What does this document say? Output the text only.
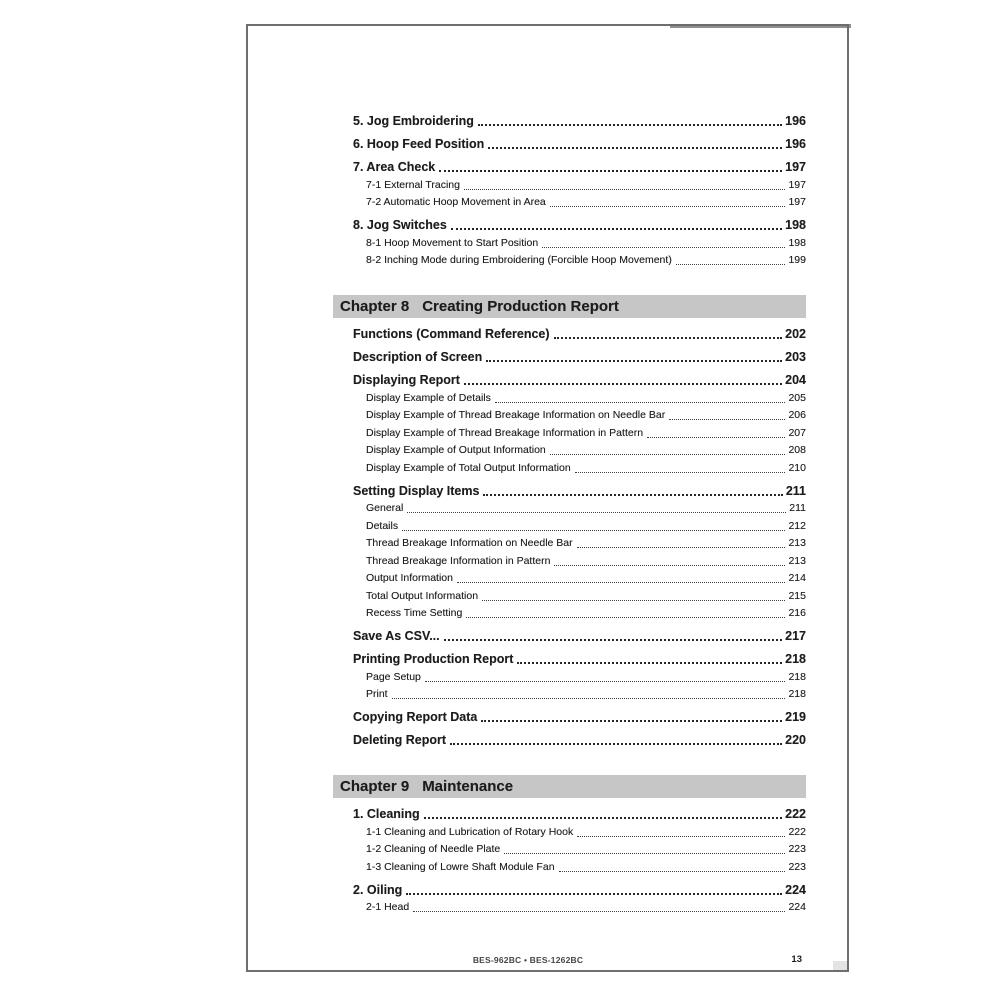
5. Jog Embroidering	196
6. Hoop Feed Position	196
7. Area Check	197
7-1 External Tracing	197
7-2 Automatic Hoop Movement in Area	197
8. Jog Switches	198
8-1 Hoop Movement to Start Position	198
8-2 Inching Mode during Embroidering (Forcible Hoop Movement)	199
Chapter 8 Creating Production Report
Functions (Command Reference)	202
Description of Screen	203
Displaying Report	204
Display Example of Details	205
Display Example of Thread Breakage Information on Needle Bar	206
Display Example of Thread Breakage Information in Pattern	207
Display Example of Output Information	208
Display Example of Total Output Information	210
Setting Display Items	211
General	211
Details	212
Thread Breakage Information on Needle Bar	213
Thread Breakage Information in Pattern	213
Output Information	214
Total Output Information	215
Recess Time Setting	216
Save As CSV...	217
Printing Production Report	218
Page Setup	218
Print	218
Copying Report Data	219
Deleting Report	220
Chapter 9 Maintenance
1. Cleaning	222
1-1 Cleaning and Lubrication of Rotary Hook	222
1-2 Cleaning of Needle Plate	223
1-3 Cleaning of Lowre Shaft Module Fan	223
2. Oiling	224
2-1 Head	224
BES-962BC • BES-1262BC	13
